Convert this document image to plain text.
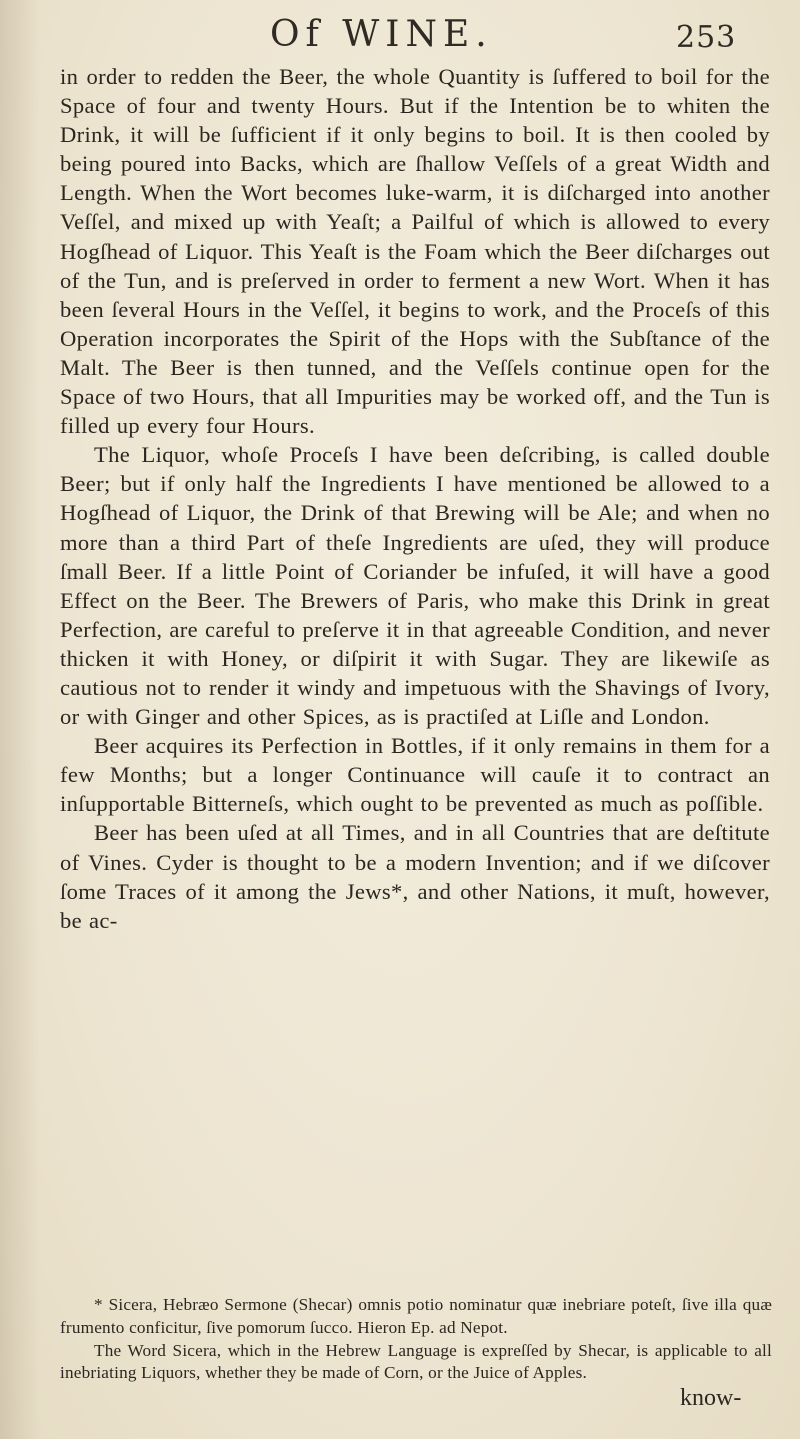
Of WINE.	253

in order to redden the Beer, the whole Quantity is ſuffered to boil for the Space of four and twenty Hours. But if the Intention be to whiten the Drink, it will be ſufficient if it only begins to boil. It is then cooled by being poured into Backs, which are ſhallow Veſſels of a great Width and Length. When the Wort becomes luke-warm, it is diſcharged into another Veſſel, and mixed up with Yeaſt; a Pailful of which is allowed to every Hogſhead of Liquor. This Yeaſt is the Foam which the Beer diſcharges out of the Tun, and is preſerved in order to ferment a new Wort. When it has been ſeveral Hours in the Veſſel, it begins to work, and the Proceſs of this Operation incorporates the Spirit of the Hops with the Subſtance of the Malt. The Beer is then tunned, and the Veſſels continue open for the Space of two Hours, that all Impurities may be worked off, and the Tun is filled up every four Hours.

The Liquor, whoſe Proceſs I have been deſcribing, is called double Beer; but if only half the Ingredients I have mentioned be allowed to a Hogſhead of Liquor, the Drink of that Brewing will be Ale; and when no more than a third Part of theſe Ingredients are uſed, they will produce ſmall Beer. If a little Point of Coriander be infuſed, it will have a good Effect on the Beer. The Brewers of Paris, who make this Drink in great Perfection, are careful to preſerve it in that agreeable Condition, and never thicken it with Honey, or diſpirit it with Sugar. They are likewiſe as cautious not to render it windy and impetuous with the Shavings of Ivory, or with Ginger and other Spices, as is practiſed at Liſle and London.

Beer acquires its Perfection in Bottles, if it only remains in them for a few Months; but a longer Continuance will cauſe it to contract an inſupportable Bitterneſs, which ought to be prevented as much as poſſible.

Beer has been uſed at all Times, and in all Countries that are deſtitute of Vines. Cyder is thought to be a modern Invention; and if we diſcover ſome Traces of it among the Jews*, and other Nations, it muſt, however, be ac-

* Sicera, Hebræo Sermone (Shecar) omnis potio nominatur quæ inebriare poteſt, ſive illa quæ frumento conficitur, ſive pomorum ſucco. Hieron Ep. ad Nepot.

The Word Sicera, which in the Hebrew Language is expreſſed by Shecar, is applicable to all inebriating Liquors, whether they be made of Corn, or the Juice of Apples.

know-
